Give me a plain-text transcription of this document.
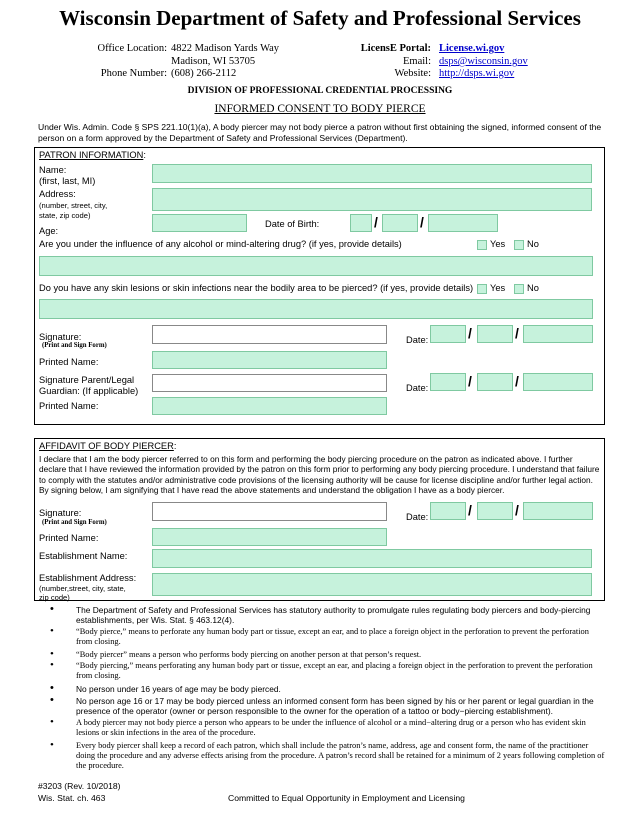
Wisconsin Department of Safety and Professional Services
Office Location: 4822 Madison Yards Way
Madison, WI 53705
Phone Number: (608) 266-2112
LicensE Portal: License.wi.gov
Email: dsps@wisconsin.gov
Website: http://dsps.wi.gov
DIVISION OF PROFESSIONAL CREDENTIAL PROCESSING
INFORMED CONSENT TO BODY PIERCE
Under Wis. Admin. Code § SPS 221.10(1)(a), A body piercer may not body pierce a patron without first obtaining the signed, informed consent of the person on a form approved by the Department of Safety and Professional Services (Department).
PATRON INFORMATION:
Name:
(first, last, MI)
Address:
(number, street, city,
state, zip code)
Age:
Date of Birth:	/	/
Are you under the influence of any alcohol or mind-altering drug? (if yes, provide details)	Yes No
Do you have any skin lesions or skin infections near the bodily area to be pierced? (if yes, provide details) Yes No
Signature:
(Print and Sign Form)
Date:	/	/
Printed Name:
Signature Parent/Legal
Guardian: (If applicable)	Date:	/	/
Printed Name:
AFFIDAVIT OF BODY PIERCER:
I declare that I am the body piercer referred to on this form and performing the body piercing procedure on the patron as indicated above. I further declare that I have reviewed the information provided by the patron on this form prior to performing any body piercing procedure. I understand that failure to comply with the statutes and/or administrative code provisions of the licensing authority will be cause for license discipline and/or further legal action. By signing below, I am signifying that I have read the above statements and understand the obligation I have as a body piercer.
Signature:
(Print and Sign Form)
Date:	/	/
Printed Name:
Establishment Name:
Establishment Address:
(number,street, city, state,
zip code)
•	The Department of Safety and Professional Services has statutory authority to promulgate rules regulating body piercers and body-piercing establishments, per Wis. Stat. § 463.12(4).
•	“Body pierce,” means to perforate any human body part or tissue, except an ear, and to place a foreign object in the perforation to prevent the perforation from closing.
•	“Body piercer” means a person who performs body piercing on another person at that person’s request.
•	“Body piercing,” means perforating any human body part or tissue, except an ear, and placing a foreign object in the perforation to prevent the perforation from closing.
•	No person under 16 years of age may be body pierced.
•	No person age 16 or 17 may be body pierced unless an informed consent form has been signed by his or her parent or legal guardian in the presence of the operator (owner or person responsible to the owner for the operation of a tattoo or body−piercing establishment).
•	A body piercer may not body pierce a person who appears to be under the influence of alcohol or a mind−altering drug or a person who has evident skin lesions or skin infections in the area of the procedure.
•	Every body piercer shall keep a record of each patron, which shall include the patron’s name, address, age and consent form, the name of the practitioner doing the procedure and any adverse effects arising from the procedure. A patron’s record shall be retained for a minimum of 2 years following completion of the procedure.
#3203 (Rev. 10/2018)
Wis. Stat. ch. 463	Committed to Equal Opportunity in Employment and Licensing
